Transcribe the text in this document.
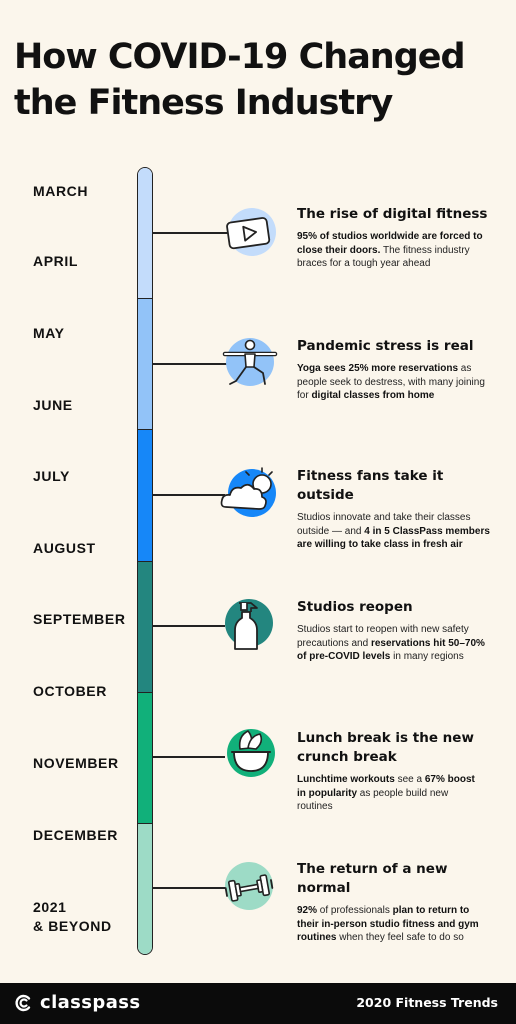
How COVID-19 Changed
the Fitness Industry
MARCH
APRIL
MAY
JUNE
JULY
AUGUST
SEPTEMBER
OCTOBER
NOVEMBER
DECEMBER
2021
& BEYOND
The rise of digital fitness
95% of studios worldwide are forced to close their doors. The fitness industry braces for a tough year ahead
Pandemic stress is real
Yoga sees 25% more reservations as people seek to destress, with many joining for digital classes from home
Fitness fans take it outside
Studios innovate and take their classes outside — and 4 in 5 ClassPass members are willing to take class in fresh air
Studios reopen
Studios start to reopen with new safety precautions and reservations hit 50–70% of pre-COVID levels in many regions
Lunch break is the new crunch break
Lunchtime workouts see a 67% boost in popularity as people build new routines
The return of a new normal
92% of professionals plan to return to their in-person studio fitness and gym routines when they feel safe to do so
classpass	2020 Fitness Trends
